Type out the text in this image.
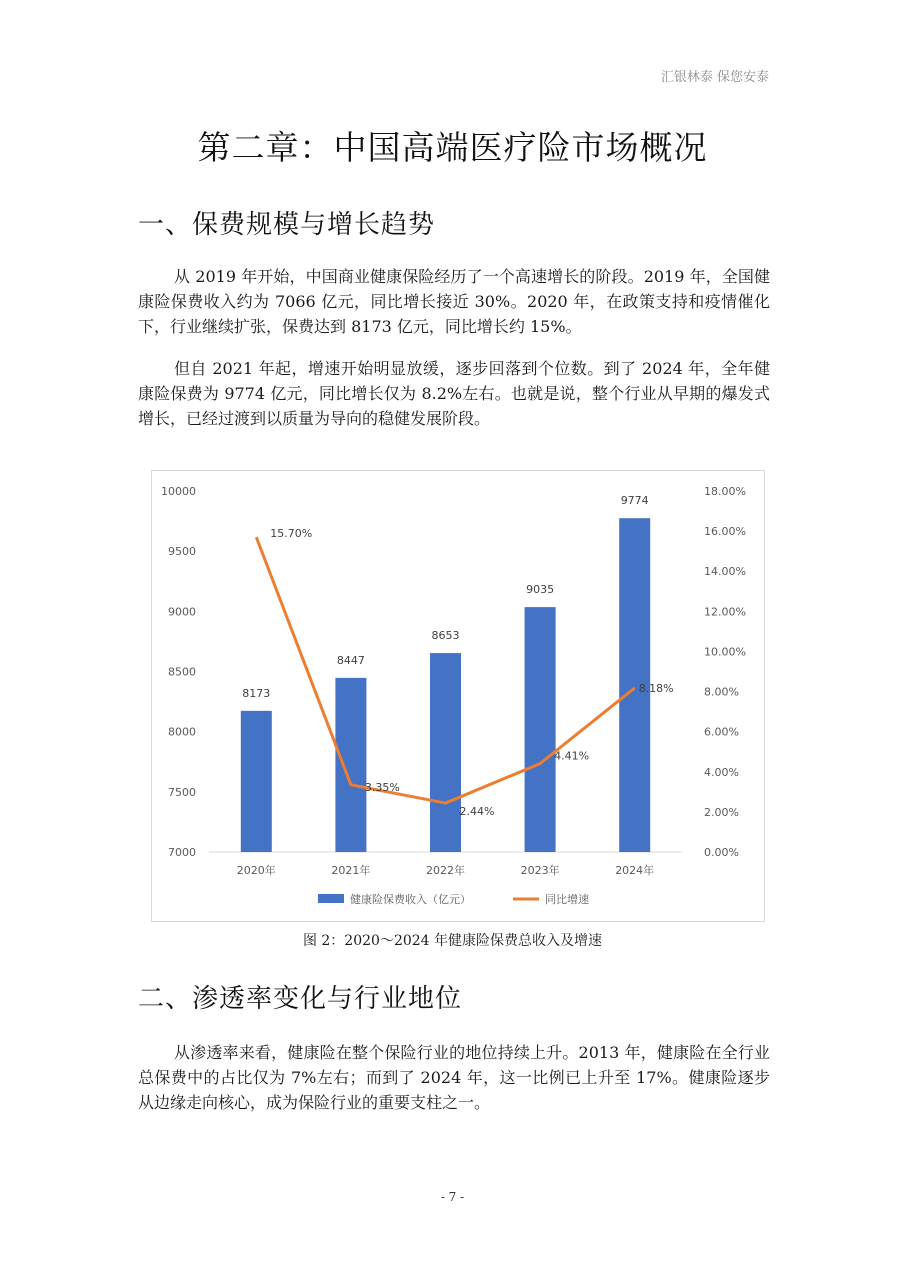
汇银林泰 保您安泰
第二章：中国高端医疗险市场概况
一、保费规模与增长趋势
从 2019 年开始，中国商业健康保险经历了一个高速增长的阶段。2019 年，全国健康险保费收入约为 7066 亿元，同比增长接近 30%。2020 年，在政策支持和疫情催化下，行业继续扩张，保费达到 8173 亿元，同比增长约 15%。
但自 2021 年起，增速开始明显放缓，逐步回落到个位数。到了 2024 年，全年健康险保费为 9774 亿元，同比增长仅为 8.2%左右。也就是说，整个行业从早期的爆发式增长，已经过渡到以质量为导向的稳健发展阶段。
7000
7500
8000
8500
9000
9500
10000
0.00%
2.00%
4.00%
6.00%
8.00%
10.00%
12.00%
14.00%
16.00%
18.00%
8173
8447
8653
9035
9774
2020年	2021年	2022年	2023年	2024年
15.70%
3.35%
2.44%
4.41%
8.18%
健康险保费收入（亿元）	同比增速
图 2：2020～2024 年健康险保费总收入及增速
二、渗透率变化与行业地位
从渗透率来看，健康险在整个保险行业的地位持续上升。2013 年，健康险在全行业总保费中的占比仅为 7%左右；而到了 2024 年，这一比例已上升至 17%。健康险逐步从边缘走向核心，成为保险行业的重要支柱之一。
- 7 -
